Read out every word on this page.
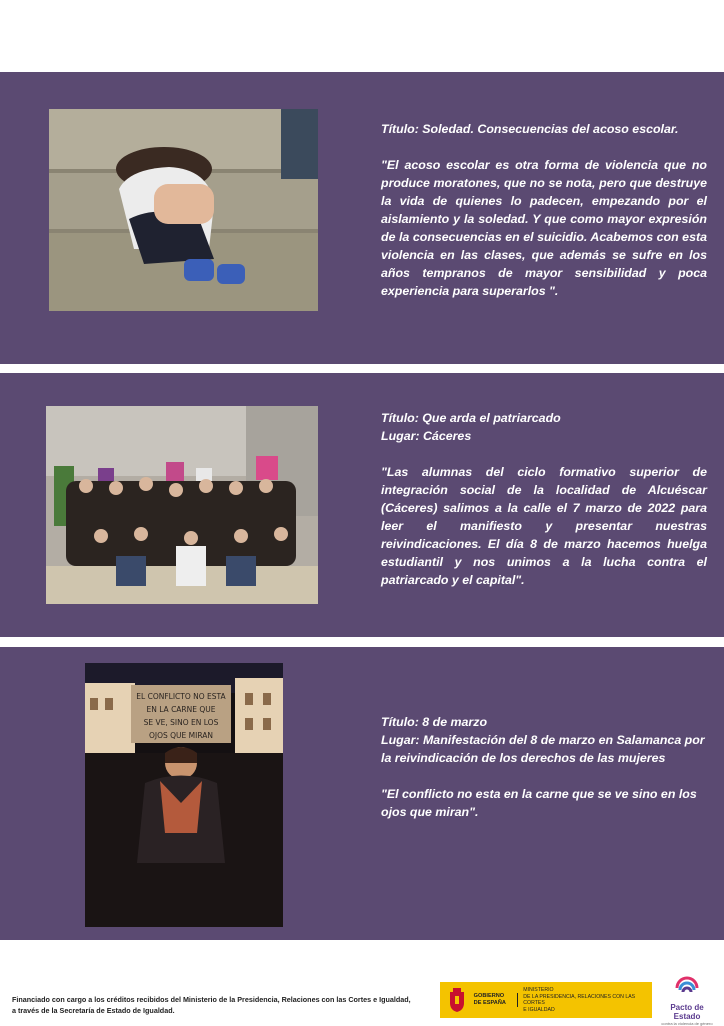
Título: Soledad. Consecuencias del acoso escolar.

"El acoso escolar es otra forma de violencia que no produce moratones, que no se nota, pero que destruye la vida de quienes lo padecen, empezando por el aislamiento y la soledad. Y que como mayor expresión de la consecuencias en el suicidio. Acabemos con esta violencia en las clases, que además se sufre en los años tempranos de mayor sensibilidad y poca experiencia para superarlos ".

Título: Que arda el patriarcado

Lugar: Cáceres

"Las alumnas del ciclo formativo superior de integración social de la localidad de Alcuéscar (Cáceres) salimos a la calle el 7 marzo de 2022 para leer el manifiesto y presentar nuestras reivindicaciones. El día 8 de marzo hacemos huelga estudiantil y nos unimos a la lucha contra el patriarcado y el capital".

EL CONFLICTO NO ESTA
EN LA CARNE QUE
SE VE, SINO EN LOS
OJOS QUE MIRAN

Título: 8 de marzo

Lugar: Manifestación del 8 de marzo en Salamanca por la reivindicación de los derechos de las mujeres

"El conflicto no esta en la carne que se ve sino en los ojos que miran".

Financiado con cargo a los créditos recibidos del Ministerio de la Presidencia, Relaciones con las Cortes e Igualdad,
a través de la Secretaría de Estado de Igualdad.
GOBIERNO
DE ESPAÑA
MINISTERIO
DE LA PRESIDENCIA, RELACIONES CON LAS CORTES
E IGUALDAD	Pacto de Estado
contra la violencia de género
